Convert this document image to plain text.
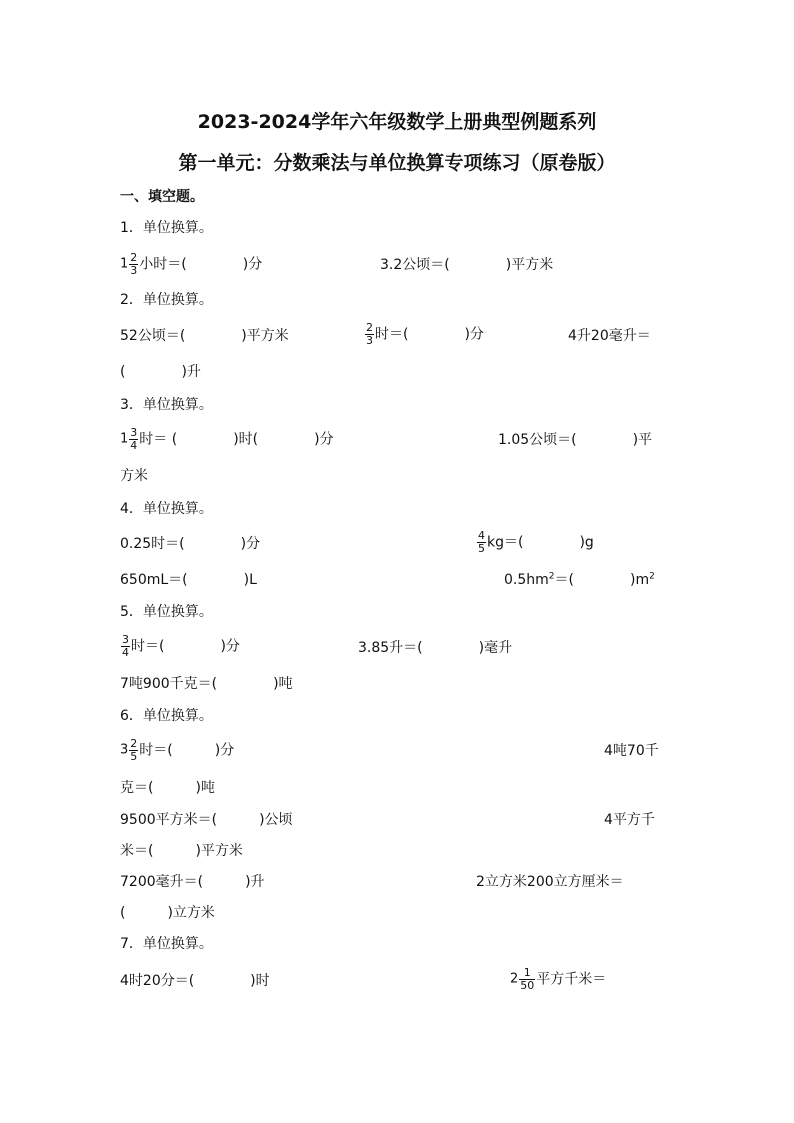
2023-2024学年六年级数学上册典型例题系列
第一单元：分数乘法与单位换算专项练习（原卷版）
一、填空题。
1．单位换算。
$1 \frac{2}{3}$ 小时＝(　　　　)分	3.2公顷＝(　　　　)平方米
2．单位换算。
52公顷＝(　　　　)平方米	$\frac{2}{3}$ 时＝(　　　　)分	4升20毫升＝
(　　　　)升
3．单位换算。
$1 \frac{3}{4}$ 时＝ (　　　　)时(　　　　)分	1.05公顷＝(　　　　)平
方米
4．单位换算。
0.25时＝(　　　　)分	$\frac{4}{5} kg=$(　　　　)g
650mL＝(　　　　)L	$0.5hm^2=$(　　　　)$m^2$
5．单位换算。
$\frac{3}{4}$ 时＝(　　　　)分	3.85升＝(　　　　)毫升
7吨900千克＝(　　　　)吨
6．单位换算。
$3 \frac{2}{5}$ 时＝(　　　)分	4吨70千
克＝(　　　)吨
9500平方米＝(　　　)公顷	4平方千
米＝(　　　)平方米
7200毫升＝(　　　)升	2立方米200立方厘米＝
(　　　)立方米
7．单位换算。
4时20分＝(　　　　)时	$2 \frac{1}{50}$ 平方千米＝
